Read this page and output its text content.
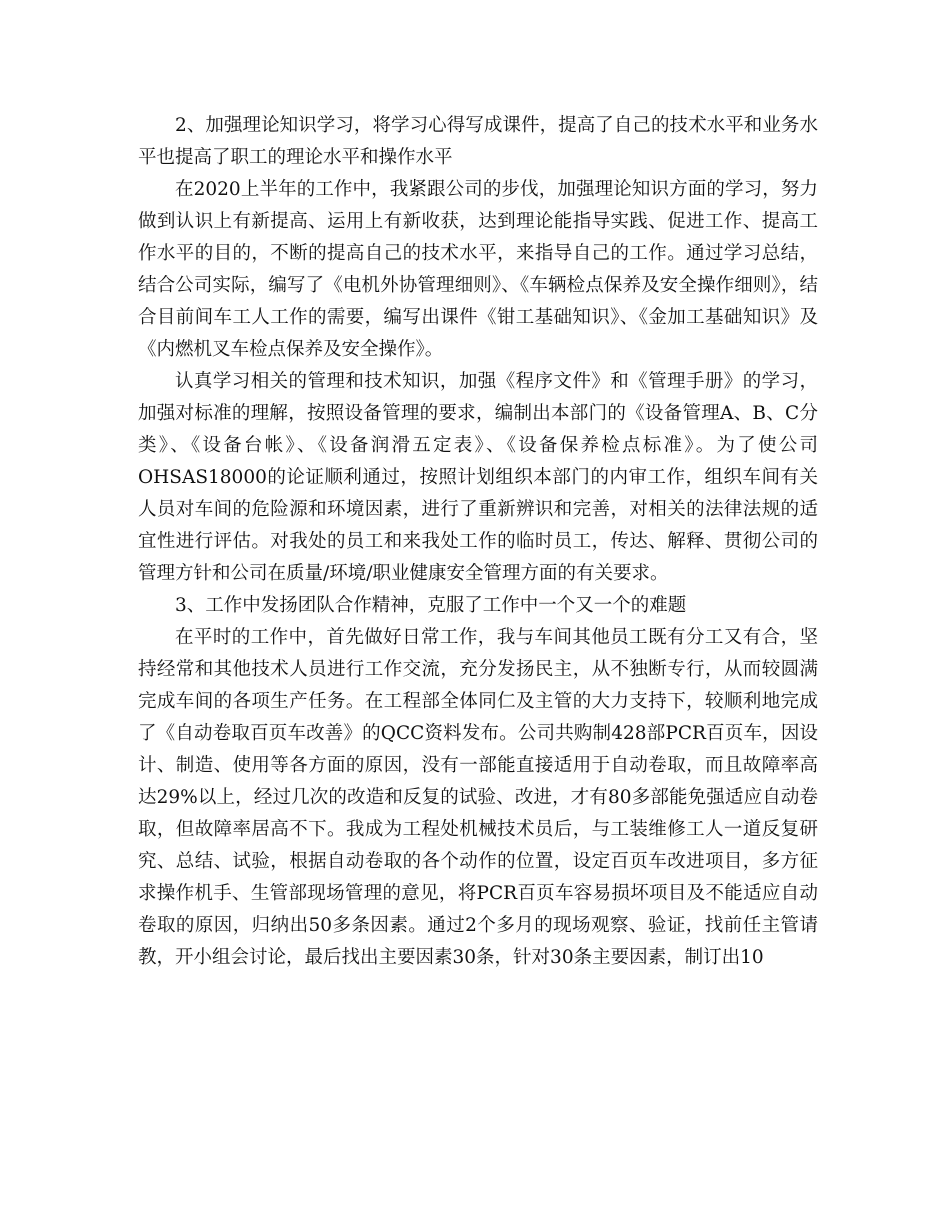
2、加强理论知识学习，将学习心得写成课件，提高了自己的技术水平和业务水平也提高了职工的理论水平和操作水平

在2020上半年的工作中，我紧跟公司的步伐，加强理论知识方面的学习，努力做到认识上有新提高、运用上有新收获，达到理论能指导实践、促进工作、提高工作水平的目的，不断的提高自己的技术水平，来指导自己的工作。通过学习总结，结合公司实际，编写了《电机外协管理细则》、《车辆检点保养及安全操作细则》，结合目前间车工人工作的需要，编写出课件《钳工基础知识》、《金加工基础知识》及《内燃机叉车检点保养及安全操作》。

认真学习相关的管理和技术知识，加强《程序文件》和《管理手册》的学习，加强对标准的理解，按照设备管理的要求，编制出本部门的《设备管理A、B、C分类》、《设备台帐》、《设备润滑五定表》、《设备保养检点标准》。为了使公司OHSAS18000的论证顺利通过，按照计划组织本部门的内审工作，组织车间有关人员对车间的危险源和环境因素，进行了重新辨识和完善，对相关的法律法规的适宜性进行评估。对我处的员工和来我处工作的临时员工，传达、解释、贯彻公司的管理方针和公司在质量/环境/职业健康安全管理方面的有关要求。

3、工作中发扬团队合作精神，克服了工作中一个又一个的难题

在平时的工作中，首先做好日常工作，我与车间其他员工既有分工又有合，坚持经常和其他技术人员进行工作交流，充分发扬民主，从不独断专行，从而较圆满完成车间的各项生产任务。在工程部全体同仁及主管的大力支持下，较顺利地完成了《自动卷取百页车改善》的QCC资料发布。公司共购制428部PCR百页车，因设计、制造、使用等各方面的原因，没有一部能直接适用于自动卷取，而且故障率高达29%以上，经过几次的改造和反复的试验、改进，才有80多部能免强适应自动卷取，但故障率居高不下。我成为工程处机械技术员后，与工装维修工人一道反复研究、总结、试验，根据自动卷取的各个动作的位置，设定百页车改进项目，多方征求操作机手、生管部现场管理的意见，将PCR百页车容易损坏项目及不能适应自动卷取的原因，归纳出50多条因素。通过2个多月的现场观察、验证，找前任主管请教，开小组会讨论，最后找出主要因素30条，针对30条主要因素，制订出10
